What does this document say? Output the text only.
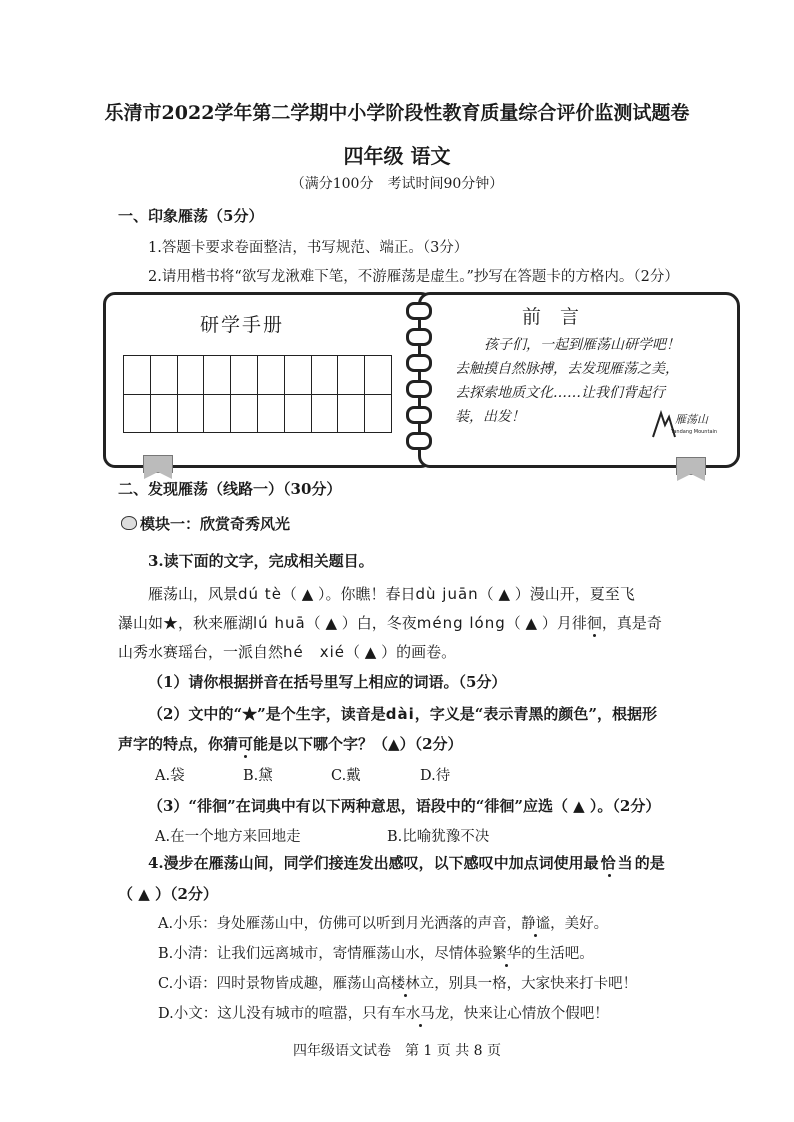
乐清市2022学年第二学期中小学阶段性教育质量综合评价监测试题卷
四年级 语文
（满分100分　考试时间90分钟）
一、印象雁荡（5分）
1.答题卡要求卷面整洁，书写规范、端正。（3分）
2.请用楷书将“欲写龙湫难下笔，不游雁荡是虚生。”抄写在答题卡的方格内。（2分）
研学手册

										前　言
孩子们，一起到雁荡山研学吧！
去触摸自然脉搏，去发现雁荡之美，
去探索地质文化……让我们背起行
装，出发！	雁荡山
Yandang Mountain
二、发现雁荡（线路一）（30分）
模块一：欣赏奇秀风光
3.读下面的文字，完成相关题目。
雁荡山，风景dú tè（ ▲ ）。你瞧！春日dù juān（ ▲ ）漫山开，夏至飞
瀑山如★，秋来雁湖lú huā（ ▲ ）白，冬夜méng lóng（ ▲ ）月徘徊，真是奇
山秀水赛瑶台，一派自然hé　xié（ ▲ ）的画卷。
（1）请你根据拼音在括号里写上相应的词语。（5分）
（2）文中的“★”是个生字，读音是dài，字义是“表示青黑的颜色”，根据形
声字的特点，你猜可能是以下哪个字？（▲）（2分）
A.袋	B.黛	C.戴	D.待
（3）“徘徊”在词典中有以下两种意思，语段中的“徘徊”应选（ ▲ ）。（2分）
A.在一个地方来回地走	B.比喻犹豫不决
4.漫步在雁荡山间，同学们接连发出感叹，以下感叹中加点词使用最恰当的是
（ ▲ ）（2分）
A.小乐：身处雁荡山中，仿佛可以听到月光洒落的声音，静谧，美好。
B.小清：让我们远离城市，寄情雁荡山水，尽情体验繁华的生活吧。
C.小语：四时景物皆成趣，雁荡山高楼林立，别具一格，大家快来打卡吧！
D.小文：这儿没有城市的喧嚣，只有车水马龙，快来让心情放个假吧！
四年级语文试卷　第 1 页 共 8 页
